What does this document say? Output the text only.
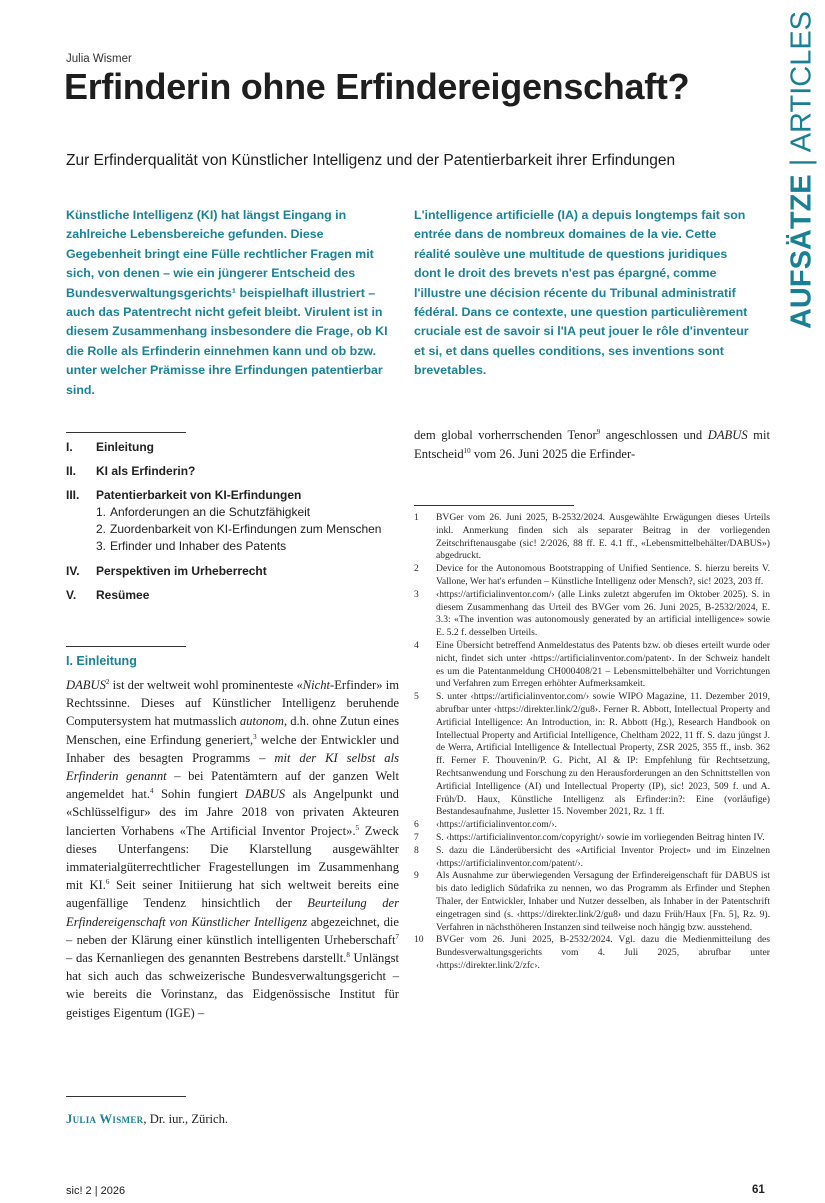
Julia Wismer
Erfinderin ohne Erfindereigenschaft?
Zur Erfinderqualität von Künstlicher Intelligenz und der Patentierbarkeit ihrer Erfindungen
AUFSÄTZE | ARTICLES
Künstliche Intelligenz (KI) hat längst Eingang in zahlreiche Lebensbereiche gefunden. Diese Gegebenheit bringt eine Fülle rechtlicher Fragen mit sich, von denen – wie ein jüngerer Entscheid des Bundesverwaltungsgerichts¹ beispielhaft illustriert – auch das Patentrecht nicht gefeit bleibt. Virulent ist in diesem Zusammenhang insbesondere die Frage, ob KI die Rolle als Erfinderin einnehmen kann und ob bzw. unter welcher Prämisse ihre Erfindungen patentierbar sind.
L'intelligence artificielle (IA) a depuis longtemps fait son entrée dans de nombreux domaines de la vie. Cette réalité soulève une multitude de questions juridiques dont le droit des brevets n'est pas épargné, comme l'illustre une décision récente du Tribunal administratif fédéral. Dans ce contexte, une question particulièrement cruciale est de savoir si l'IA peut jouer le rôle d'inventeur et si, et dans quelles conditions, ses inventions sont brevetables.
I.	Einleitung
II.	KI als Erfinderin?
III.	Patentierbarkeit von KI-Erfindungen
1. Anforderungen an die Schutzfähigkeit
2. Zuordenbarkeit von KI-Erfindungen zum Menschen
3. Erfinder und Inhaber des Patents
IV.	Perspektiven im Urheberrecht
V.	Resümee
I. Einleitung
DABUS$^2$ ist der weltweit wohl prominenteste «Nicht-Erfinder» im Rechtssinne. Dieses auf Künstlicher Intelligenz beruhende Computersystem hat mutmasslich autonom, d.h. ohne Zutun eines Menschen, eine Erfindung generiert,$^3$ welche der Entwickler und Inhaber des besagten Programms – mit der KI selbst als Erfinderin genannt – bei Patentämtern auf der ganzen Welt angemeldet hat.$^4$ Sohin fungiert DABUS als Angelpunkt und «Schlüsselfigur» des im Jahre 2018 von privaten Akteuren lancierten Vorhabens «The Artificial Inventor Project».$^5$ Zweck dieses Unterfangens: Die Klarstellung ausgewählter immaterialgüterrechtlicher Fragestellungen im Zusammenhang mit KI.$^6$ Seit seiner Initiierung hat sich weltweit bereits eine augenfällige Tendenz hinsichtlich der Beurteilung der Erfindereigenschaft von Künstlicher Intelligenz abgezeichnet, die – neben der Klärung einer künstlich intelligenten Urheberschaft$^7$ – das Kernanliegen des genannten Bestrebens darstellt.$^8$ Unlängst hat sich auch das schweizerische Bundesverwaltungsgericht – wie bereits die Vorinstanz, das Eidgenössische Institut für geistiges Eigentum (IGE) –
Julia Wismer, Dr. iur., Zürich.
dem global vorherrschenden Tenor$^9$ angeschlossen und DABUS mit Entscheid$^{10}$ vom 26. Juni 2025 die Erfinder-
1	BVGer vom 26. Juni 2025, B-2532/2024. Ausgewählte Erwägungen dieses Urteils inkl. Anmerkung finden sich als separater Beitrag in der vorliegenden Zeitschriftenausgabe (sic! 2/2026, 88 ff. E. 4.1 ff., «Lebensmittelbehälter/DABUS») abgedruckt.
2	Device for the Autonomous Bootstrapping of Unified Sentience. S. hierzu bereits V. Vallone, Wer hat's erfunden – Künstliche Intelligenz oder Mensch?, sic! 2023, 203 ff.
3	‹https://artificialinventor.com/› (alle Links zuletzt abgerufen im Oktober 2025). S. in diesem Zusammenhang das Urteil des BVGer vom 26. Juni 2025, B-2532/2024, E. 3.3: «The invention was autonomously generated by an artificial intelligence» sowie E. 5.2 f. desselben Urteils.
4	Eine Übersicht betreffend Anmeldestatus des Patents bzw. ob dieses erteilt wurde oder nicht, findet sich unter ‹https://artificialinventor.com/patent›. In der Schweiz handelt es um die Patentanmeldung CH000408/21 – Lebensmittelbehälter und Vorrichtungen und Verfahren zum Erregen erhöhter Aufmerksamkeit.
5	S. unter ‹https://artificialinventor.com/› sowie WIPO Magazine, 11. Dezember 2019, abrufbar unter ‹https://direkter.link/2/gu8›. Ferner R. Abbott, Intellectual Property and Artificial Intelligence: An Introduction, in: R. Abbott (Hg.), Research Handbook on Intellectual Property and Artificial Intelligence, Cheltham 2022, 11 ff. S. dazu jüngst J. de Werra, Artificial Intelligence & Intellectual Property, ZSR 2025, 355 ff., insb. 362 ff. Ferner F. Thouvenin/P. G. Picht, AI & IP: Empfehlung für Rechtsetzung, Rechtsanwendung und Forschung zu den Herausforderungen an den Schnittstellen von Artificial Intelligence (AI) und Intellectual Property (IP), sic! 2023, 509 f. und A. Früh/D. Haux, Künstliche Intelligenz als Erfinder:in?: Eine (vorläufige) Bestandesaufnahme, Jusletter 15. November 2021, Rz. 1 ff.
6	‹https://artificialinventor.com/›.
7	S. ‹https://artificialinventor.com/copyright/› sowie im vorliegenden Beitrag hinten IV.
8	S. dazu die Länderübersicht des «Artificial Inventor Project» und im Einzelnen ‹https://artificialinventor.com/patent/›.
9	Als Ausnahme zur überwiegenden Versagung der Erfindereigenschaft für DABUS ist bis dato lediglich Südafrika zu nennen, wo das Programm als Erfinder und Stephen Thaler, der Entwickler, Inhaber und Nutzer desselben, als Inhaber in der Patentschrift eingetragen sind (s. ‹https://direkter.link/2/gu8› und dazu Früh/Haux [Fn. 5], Rz. 9). Verfahren in nächsthöheren Instanzen sind teilweise noch hängig bzw. ausstehend.
10	BVGer vom 26. Juni 2025, B-2532/2024. Vgl. dazu die Medienmitteilung des Bundesverwaltungsgerichts vom 4. Juli 2025, abrufbar unter ‹https://direkter.link/2/zfc›.
sic! 2 | 2026	61
